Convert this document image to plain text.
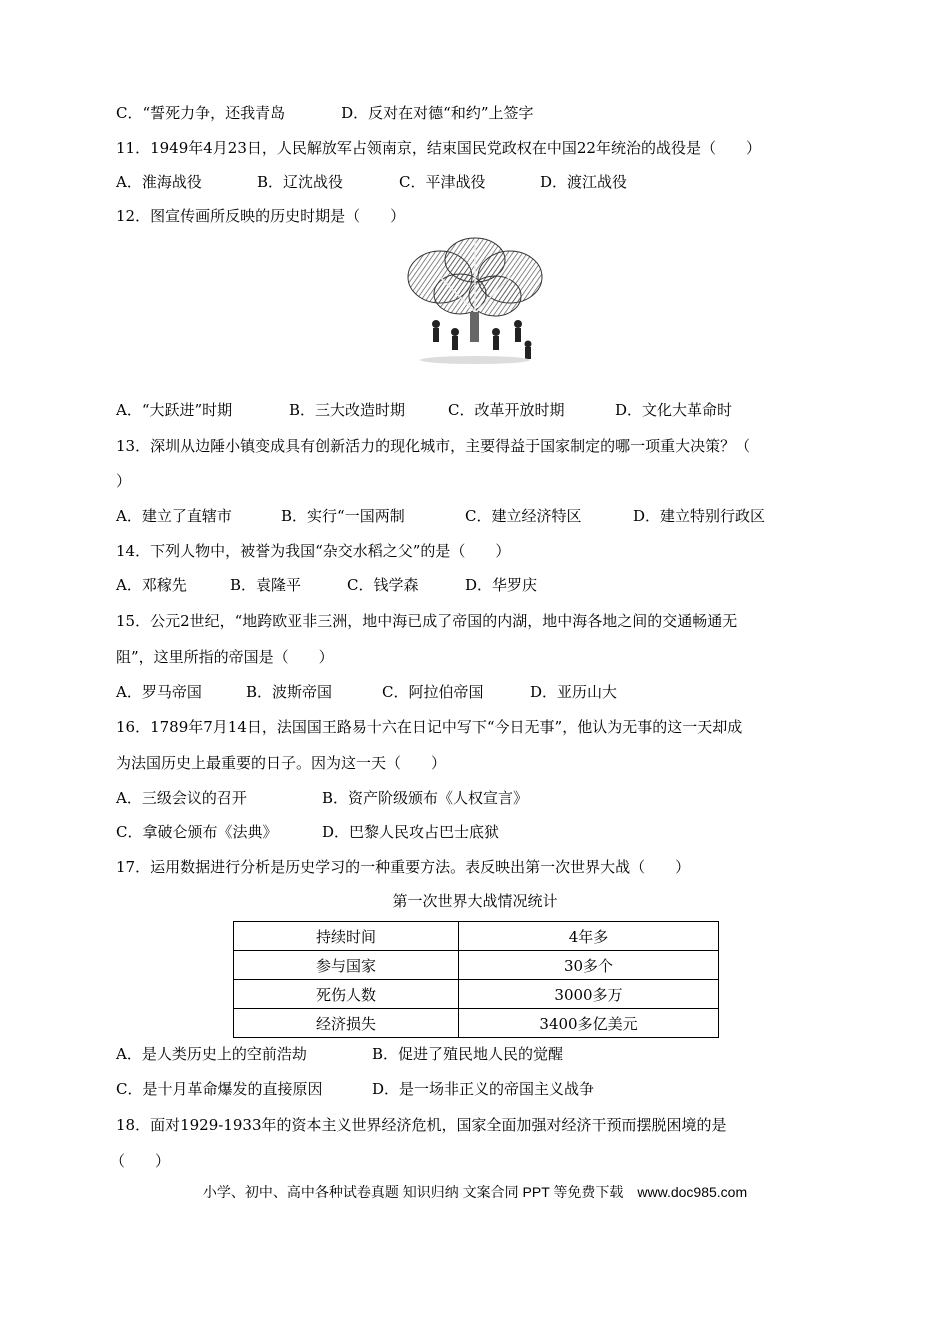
C．“誓死力争，还我青岛	D．反对在对德“和约”上签字
11．1949年4月23日，人民解放军占领南京，结束国民党政权在中国22年统治的战役是（　　）
A．淮海战役	B．辽沈战役	C．平津战役	D．渡江战役
12．图宣传画所反映的历史时期是（　　）
A．“大跃进”时期	B．三大改造时期	C．改革开放时期	D．文化大革命时
13．深圳从边陲小镇变成具有创新活力的现化城市，主要得益于国家制定的哪一项重大决策？（
）
A．建立了直辖市	B．实行“一国两制	C．建立经济特区	D．建立特别行政区
14．下列人物中，被誉为我国“杂交水稻之父”的是（　　）
A．邓稼先	B．袁隆平	C．钱学森	D．华罗庆
15．公元2世纪，“地跨欧亚非三洲，地中海已成了帝国的内湖，地中海各地之间的交通畅通无
阻”，这里所指的帝国是（　　）
A．罗马帝国	B．波斯帝国	C．阿拉伯帝国	D．亚历山大
16．1789年7月14日，法国国王路易十六在日记中写下“今日无事”，他认为无事的这一天却成
为法国历史上最重要的日子。因为这一天（　　）
A．三级会议的召开	B．资产阶级颁布《人权宣言》
C．拿破仑颁布《法典》	D．巴黎人民攻占巴士底狱
17．运用数据进行分析是历史学习的一种重要方法。表反映出第一次世界大战（　　）
第一次世界大战情况统计
持续时间	4年多
参与国家	30多个
死伤人数	3000多万
经济损失	3400多亿美元
A．是人类历史上的空前浩劫	B．促进了殖民地人民的觉醒
C．是十月革命爆发的直接原因	D．是一场非正义的帝国主义战争
18．面对1929-1933年的资本主义世界经济危机，国家全面加强对经济干预而摆脱困境的是
（　　）
小学、初中、高中各种试卷真题 知识归纳 文案合同 PPT 等免费下载　www.doc985.com
